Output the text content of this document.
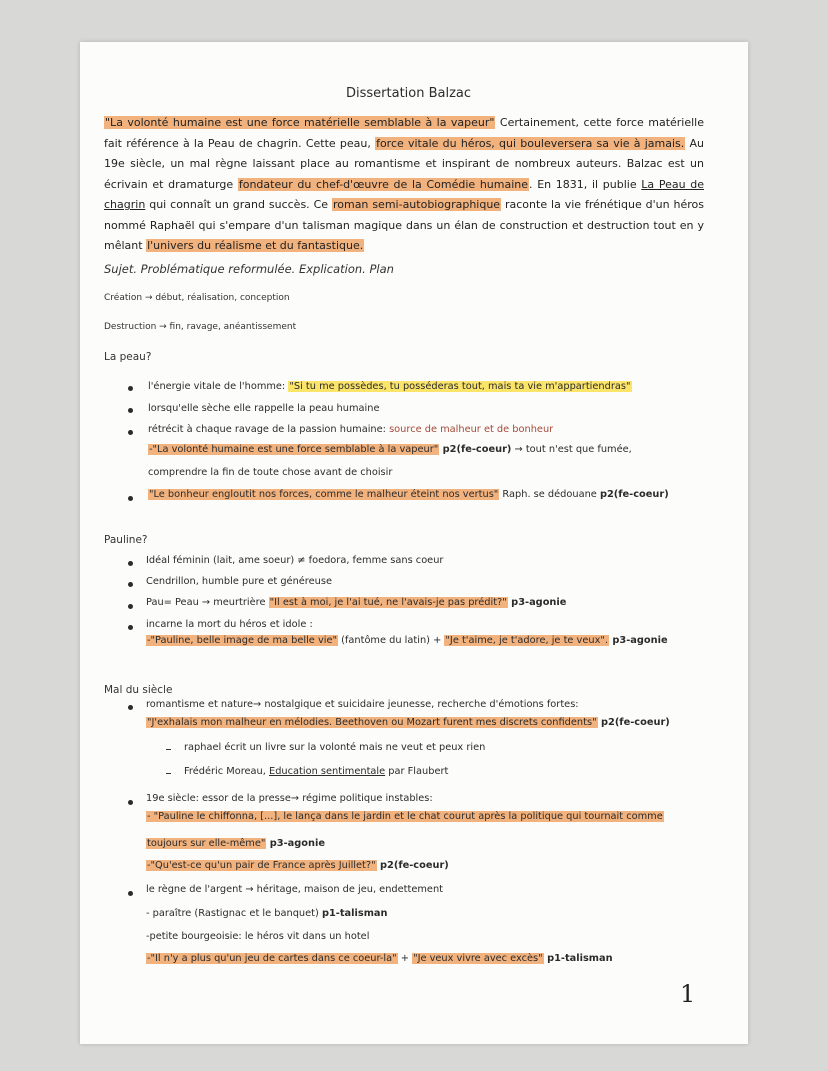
Dissertation Balzac

"La volonté humaine est une force matérielle semblable à la vapeur" Certainement, cette force matérielle fait référence à la Peau de chagrin. Cette peau, force vitale du héros, qui bouleversera sa vie à jamais. Au 19e siècle, un mal règne laissant place au romantisme et inspirant de nombreux auteurs. Balzac est un écrivain et dramaturge fondateur du chef-d'œuvre de la Comédie humaine. En 1831, il publie La Peau de chagrin qui connaît un grand succès. Ce roman semi-autobiographique raconte la vie frénétique d'un héros nommé Raphaël qui s'empare d'un talisman magique dans un élan de construction et destruction tout en y mêlant l'univers du réalisme et du fantastique.

Sujet. Problématique reformulée. Explication. Plan
Création → début, réalisation, conception
Destruction → fin, ravage, anéantissement
La peau?
l'énergie vitale de l'homme: "Si tu me possèdes, tu posséderas tout, mais ta vie m'appartiendras"
lorsqu'elle sèche elle rappelle la peau humaine
rétrécit à chaque ravage de la passion humaine: source de malheur et de bonheur
-"La volonté humaine est une force semblable à la vapeur" p2(fe-coeur) → tout n'est que fumée,
comprendre la fin de toute chose avant de choisir
"Le bonheur engloutit nos forces, comme le malheur éteint nos vertus" Raph. se dédouane p2(fe-coeur)
Pauline?
Idéal féminin (lait, ame soeur) ≠ foedora, femme sans coeur
Cendrillon, humble pure et généreuse
Pau= Peau → meurtrière "Il est à moi, je l'ai tué, ne l'avais-je pas prédit?" p3-agonie
incarne la mort du héros et idole :
-"Pauline, belle image de ma belle vie" (fantôme du latin) + "Je t'aime, je t'adore, je te veux". p3-agonie
Mal du siècle
romantisme et nature→ nostalgique et suicidaire jeunesse, recherche d'émotions fortes:
"J'exhalais mon malheur en mélodies. Beethoven ou Mozart furent mes discrets confidents" p2(fe-coeur)
raphael écrit un livre sur la volonté mais ne veut et peux rien
Frédéric Moreau, Education sentimentale par Flaubert
19e siècle: essor de la presse→ régime politique instables:
- "Pauline le chiffonna, [...], le lança dans le jardin et le chat courut après la politique qui tournait comme
toujours sur elle-même" p3-agonie
-"Qu'est-ce qu'un pair de France après Juillet?" p2(fe-coeur)
le règne de l'argent → héritage, maison de jeu, endettement
- paraître (Rastignac et le banquet) p1-talisman
-petite bourgeoisie: le héros vit dans un hotel
-"Il n'y a plus qu'un jeu de cartes dans ce coeur-la" + "Je veux vivre avec excès" p1-talisman
1
